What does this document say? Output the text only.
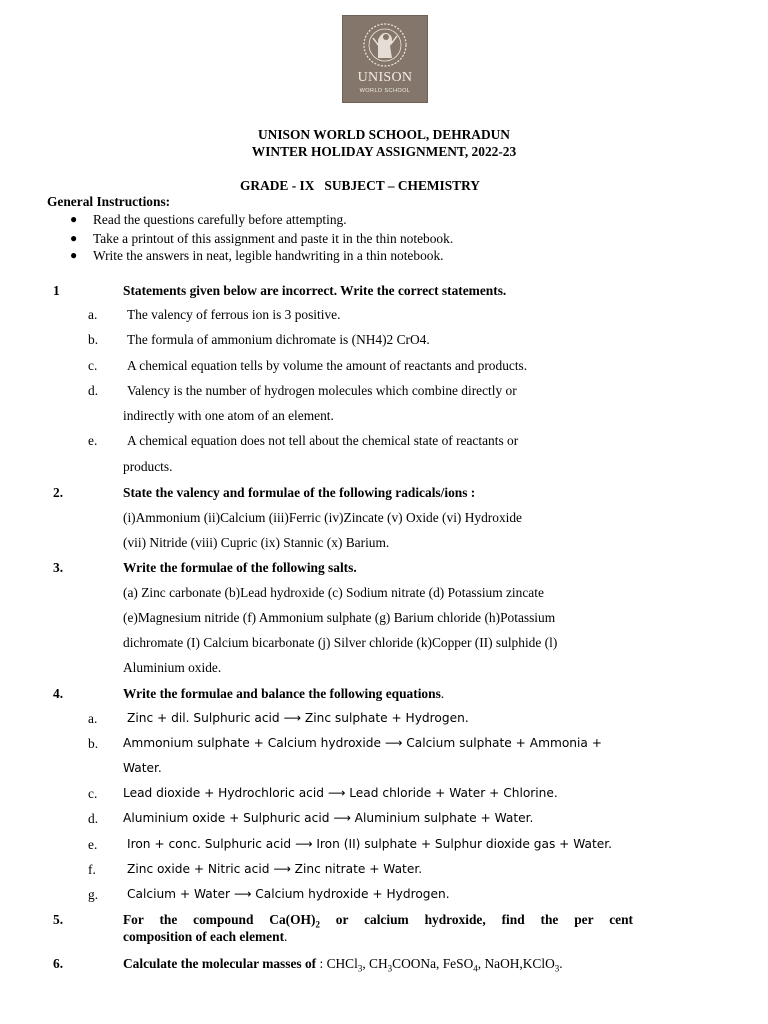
UNISON
WORLD SCHOOL
UNISON WORLD SCHOOL, DEHRADUN
WINTER HOLIDAY ASSIGNMENT, 2022-23
GRADE - IX   SUBJECT – CHEMISTRY
General Instructions:
● Read the questions carefully before attempting.
● Take a printout of this assignment and paste it in the thin notebook.
● Write the answers in neat, legible handwriting in a thin notebook.
1	Statements given below are incorrect. Write the correct statements.
a. The valency of ferrous ion is 3 positive.
b. The formula of ammonium dichromate is (NH4)2 CrO4.
c. A chemical equation tells by volume the amount of reactants and products.
d. Valency is the number of hydrogen molecules which combine directly or
indirectly with one atom of an element.
e. A chemical equation does not tell about the chemical state of reactants or
products.
2.	State the valency and formulae of the following radicals/ions :
(i)Ammonium (ii)Calcium (iii)Ferric (iv)Zincate (v) Oxide (vi) Hydroxide
(vii) Nitride (viii) Cupric (ix) Stannic (x) Barium.
3.	Write the formulae of the following salts.
(a) Zinc carbonate (b)Lead hydroxide (c) Sodium nitrate (d) Potassium zincate
(e)Magnesium nitride (f) Ammonium sulphate (g) Barium chloride (h)Potassium
dichromate (I) Calcium bicarbonate (j) Silver chloride (k)Copper (II) sulphide (l)
Aluminium oxide.
4.	Write the formulae and balance the following equations.
a. Zinc + dil. Sulphuric acid ⟶ Zinc sulphate + Hydrogen.
b. Ammonium sulphate + Calcium hydroxide ⟶ Calcium sulphate + Ammonia +
Water.
c. Lead dioxide + Hydrochloric acid ⟶ Lead chloride + Water + Chlorine.
d. Aluminium oxide + Sulphuric acid ⟶ Aluminium sulphate + Water.
e. Iron + conc. Sulphuric acid ⟶ Iron (II) sulphate + Sulphur dioxide gas + Water.
f.	Zinc oxide + Nitric acid ⟶ Zinc nitrate + Water.
g. Calcium + Water ⟶ Calcium hydroxide + Hydrogen.
5.	For the compound $Ca(OH)_2$ or calcium hydroxide, find the per cent
composition of each element.
6.	Calculate the molecular masses of : CHCl$_3$, $CH_3COONa$, FeSO$_4$, NaOH,KClO$_3$.
